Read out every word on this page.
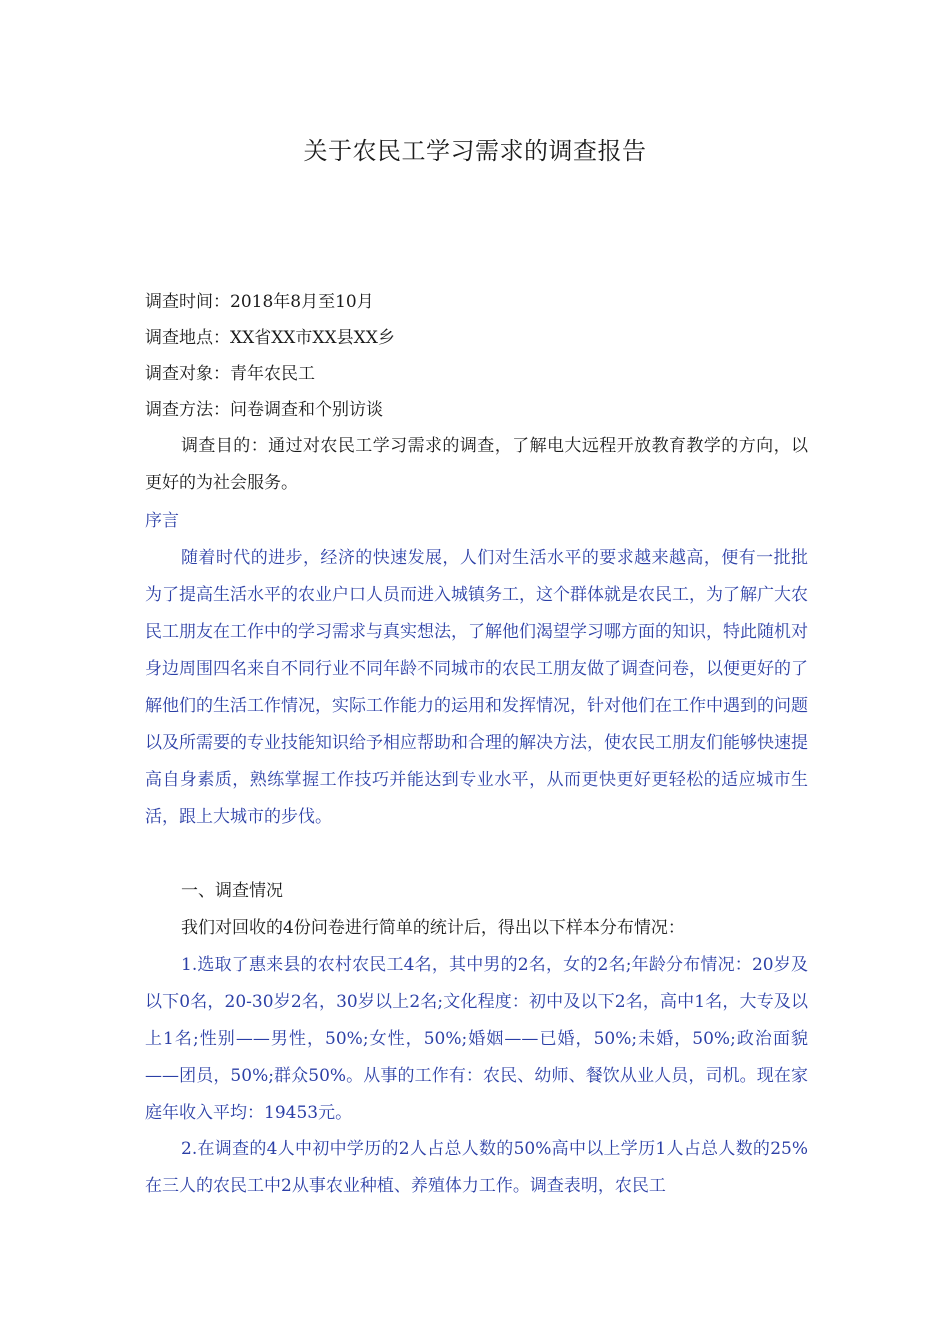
关于农民工学习需求的调查报告
调查时间：2018年8月至10月
调查地点：XX省XX市XX县XX乡
调查对象：青年农民工
调查方法：问卷调查和个别访谈

调查目的：通过对农民工学习需求的调查，了解电大远程开放教育教学的方向，以更好的为社会服务。

序言

随着时代的进步，经济的快速发展，人们对生活水平的要求越来越高，便有一批批为了提高生活水平的农业户口人员而进入城镇务工，这个群体就是农民工，为了解广大农民工朋友在工作中的学习需求与真实想法，了解他们渴望学习哪方面的知识，特此随机对身边周围四名来自不同行业不同年龄不同城市的农民工朋友做了调查问卷，以便更好的了解他们的生活工作情况，实际工作能力的运用和发挥情况，针对他们在工作中遇到的问题以及所需要的专业技能知识给予相应帮助和合理的解决方法，使农民工朋友们能够快速提高自身素质，熟练掌握工作技巧并能达到专业水平，从而更快更好更轻松的适应城市生活，跟上大城市的步伐。

一、调查情况

我们对回收的4份问卷进行简单的统计后，得出以下样本分布情况：

1.选取了惠来县的农村农民工4名，其中男的2名，女的2名;年龄分布情况：20岁及以下0名，20-30岁2名，30岁以上2名;文化程度：初中及以下2名，高中1名，大专及以上1名;性别——男性，50%;女性，50%;婚姻——已婚，50%;未婚，50%;政治面貌——团员，50%;群众50%。从事的工作有：农民、幼师、餐饮从业人员，司机。现在家庭年收入平均：19453元。

2.在调查的4人中初中学历的2人占总人数的50%高中以上学历1人占总人数的25%在三人的农民工中2从事农业种植、养殖体力工作。调查表明，农民工
